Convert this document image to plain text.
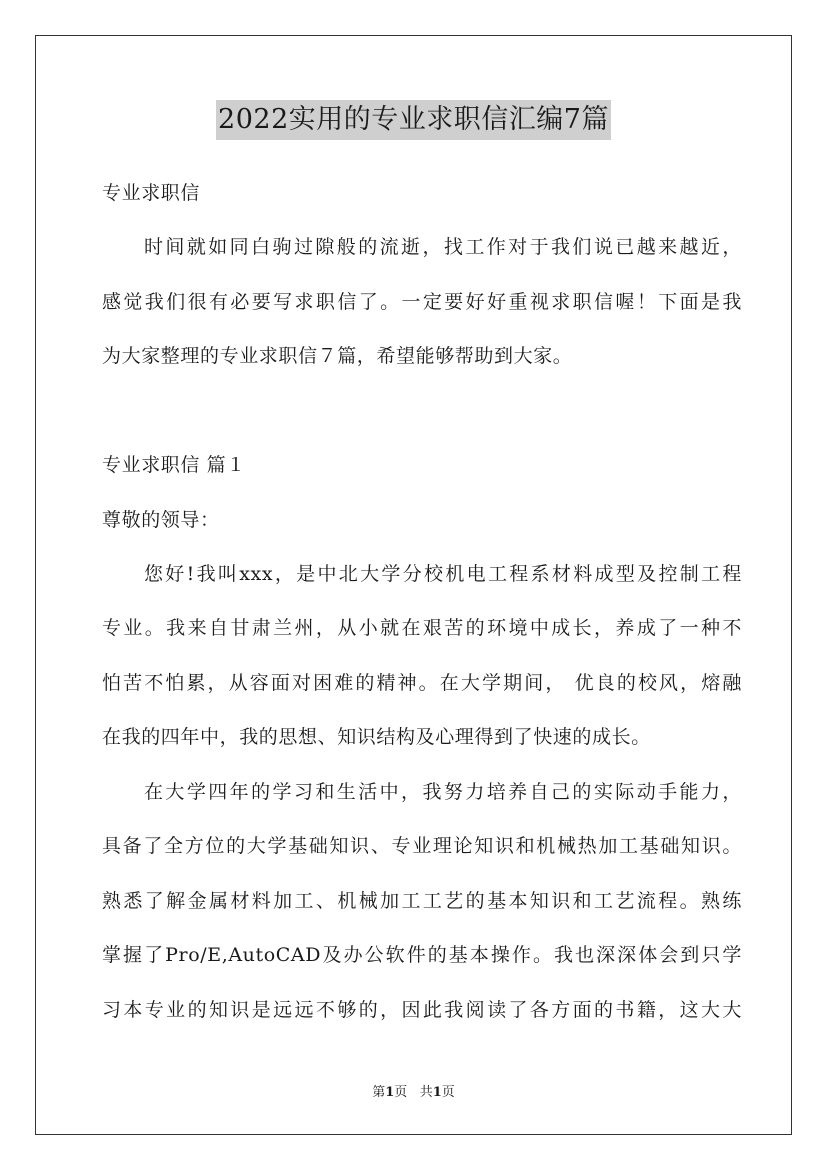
2022实用的专业求职信汇编7篇
专业求职信
时间就如同白驹过隙般的流逝，找工作对于我们说已越来越近，
感觉我们很有必要写求职信了。一定要好好重视求职信喔！下面是我
为大家整理的专业求职信７篇，希望能够帮助到大家。
专业求职信 篇１
尊敬的领导：
您好!我叫xxx，是中北大学分校机电工程系材料成型及控制工程
专业。我来自甘肃兰州，从小就在艰苦的环境中成长，养成了一种不
怕苦不怕累，从容面对困难的精神。在大学期间， 优良的校风，熔融
在我的四年中，我的思想、知识结构及心理得到了快速的成长。
在大学四年的学习和生活中，我努力培养自己的实际动手能力，
具备了全方位的大学基础知识、专业理论知识和机械热加工基础知识。
熟悉了解金属材料加工、机械加工工艺的基本知识和工艺流程。熟练
掌握了Pro/E,AutoCAD及办公软件的基本操作。我也深深体会到只学
习本专业的知识是远远不够的，因此我阅读了各方面的书籍，这大大
第1页 共1页
